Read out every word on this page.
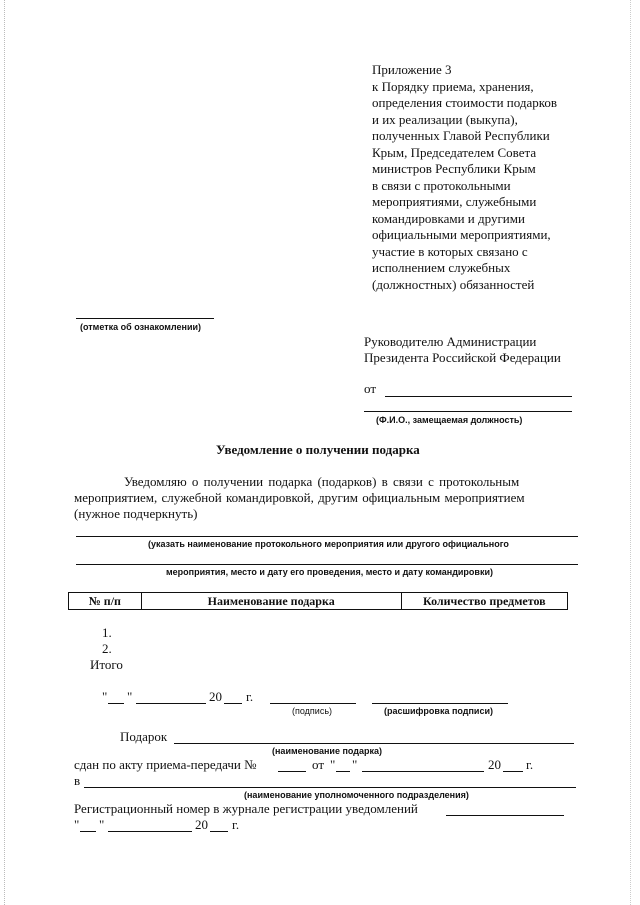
Приложение 3
к Порядку приема, хранения,
определения стоимости подарков
и их реализации (выкупа),
полученных Главой Республики
Крым, Председателем Совета
министров Республики Крым
в связи с протокольными
мероприятиями, служебными
командировками и другими
официальными мероприятиями,
участие в которых связано с
исполнением служебных
(должностных) обязанностей
(отметка об ознакомлении)
Руководителю Администрации
Президента Российской Федерации
от
(Ф.И.О., замещаемая должность)
Уведомление о получении подарка
Уведомляю о получении подарка (подарков) в связи с протокольным
мероприятием, служебной командировкой, другим официальным мероприятием
(нужное подчеркнуть)
(указать наименование протокольного мероприятия или другого официального
мероприятия, место и дату его проведения, место и дату командировки)
№ п/п	Наименование подарка	Количество предметов
1.
2.
Итого
" "	20 г.
(подпись)	(расшифровка подписи)
Подарок
(наименование подарка)
сдан по акту приема-передачи №	от " "	20 г.
в
(наименование уполномоченного подразделения)
Регистрационный номер в журнале регистрации уведомлений
" "	20 г.
